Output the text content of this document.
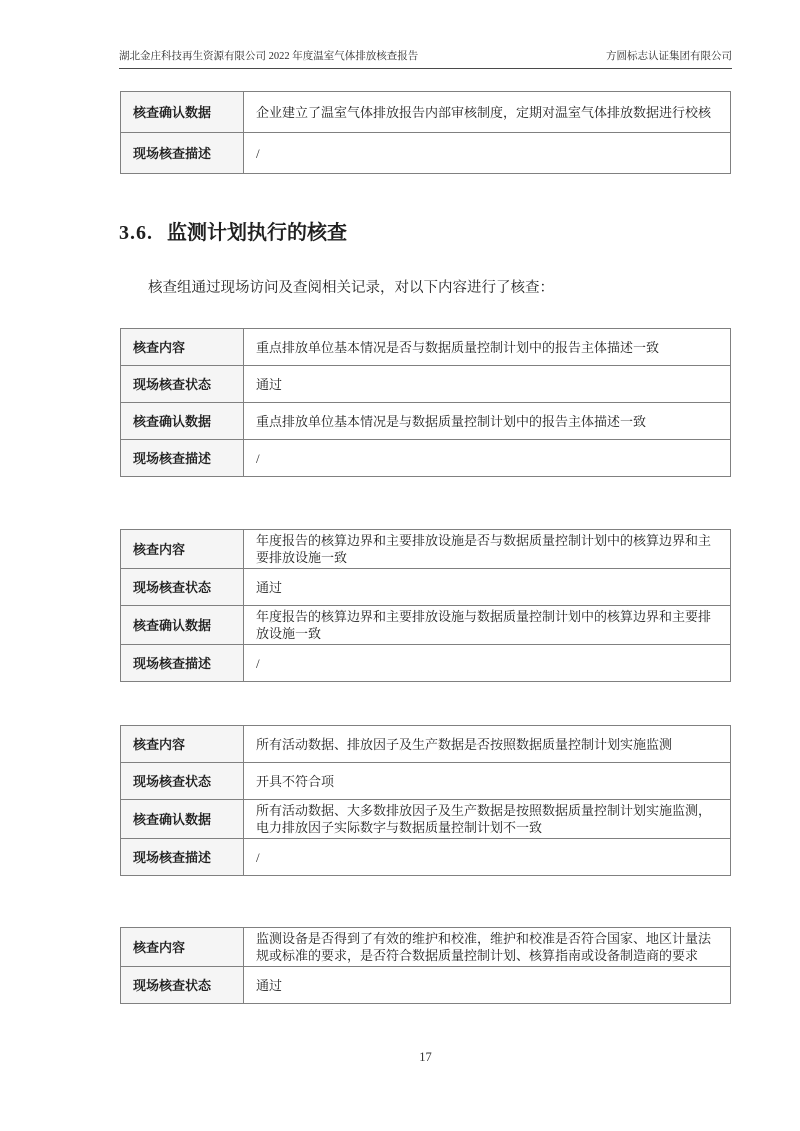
湖北金庄科技再生资源有限公司 2022 年度温室气体排放核查报告	方圆标志认证集团有限公司
核查确认数据	企业建立了温室气体排放报告内部审核制度，定期对温室气体排放数据进行校核
现场核查描述	/
3.6. 监测计划执行的核查
核查组通过现场访问及查阅相关记录，对以下内容进行了核查：
核查内容	重点排放单位基本情况是否与数据质量控制计划中的报告主体描述一致
现场核查状态	通过
核查确认数据	重点排放单位基本情况是与数据质量控制计划中的报告主体描述一致
现场核查描述	/
核查内容	年度报告的核算边界和主要排放设施是否与数据质量控制计划中的核算边界和主要排放设施一致
现场核查状态	通过
核查确认数据	年度报告的核算边界和主要排放设施与数据质量控制计划中的核算边界和主要排放设施一致
现场核查描述	/
核查内容	所有活动数据、排放因子及生产数据是否按照数据质量控制计划实施监测
现场核查状态	开具不符合项
核查确认数据	所有活动数据、大多数排放因子及生产数据是按照数据质量控制计划实施监测，电力排放因子实际数字与数据质量控制计划不一致
现场核查描述	/
核查内容	监测设备是否得到了有效的维护和校准，维护和校准是否符合国家、地区计量法规或标准的要求，是否符合数据质量控制计划、核算指南或设备制造商的要求
现场核查状态	通过
17
